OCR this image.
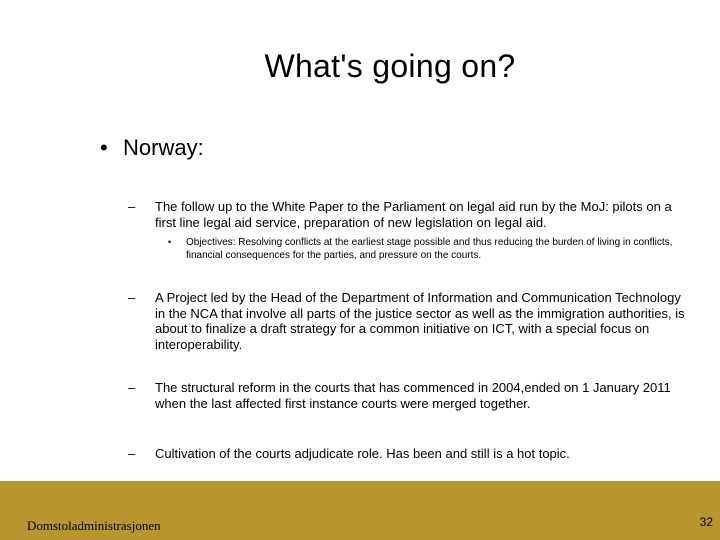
What's going on?
• Norway:
– The follow up to the White Paper to the Parliament on legal aid run by the MoJ: pilots on a first line legal aid service, preparation of new legislation on legal aid.
• Objectives: Resolving conflicts at the earliest stage possible and thus reducing the burden of living in conflicts, financial consequences for the parties, and pressure on the courts.
– A Project led by the Head of the Department of Information and Communication Technology in the NCA that involve all parts of the justice sector as well as the immigration authorities, is about to finalize a draft strategy for a common initiative on ICT, with a special focus on interoperability.
– The structural reform in the courts that has commenced in 2004,ended on 1 January 2011 when the last affected first instance courts were merged together.
– Cultivation of the courts adjudicate role. Has been and still is a hot topic.
Domstoladministrasjonen	32
